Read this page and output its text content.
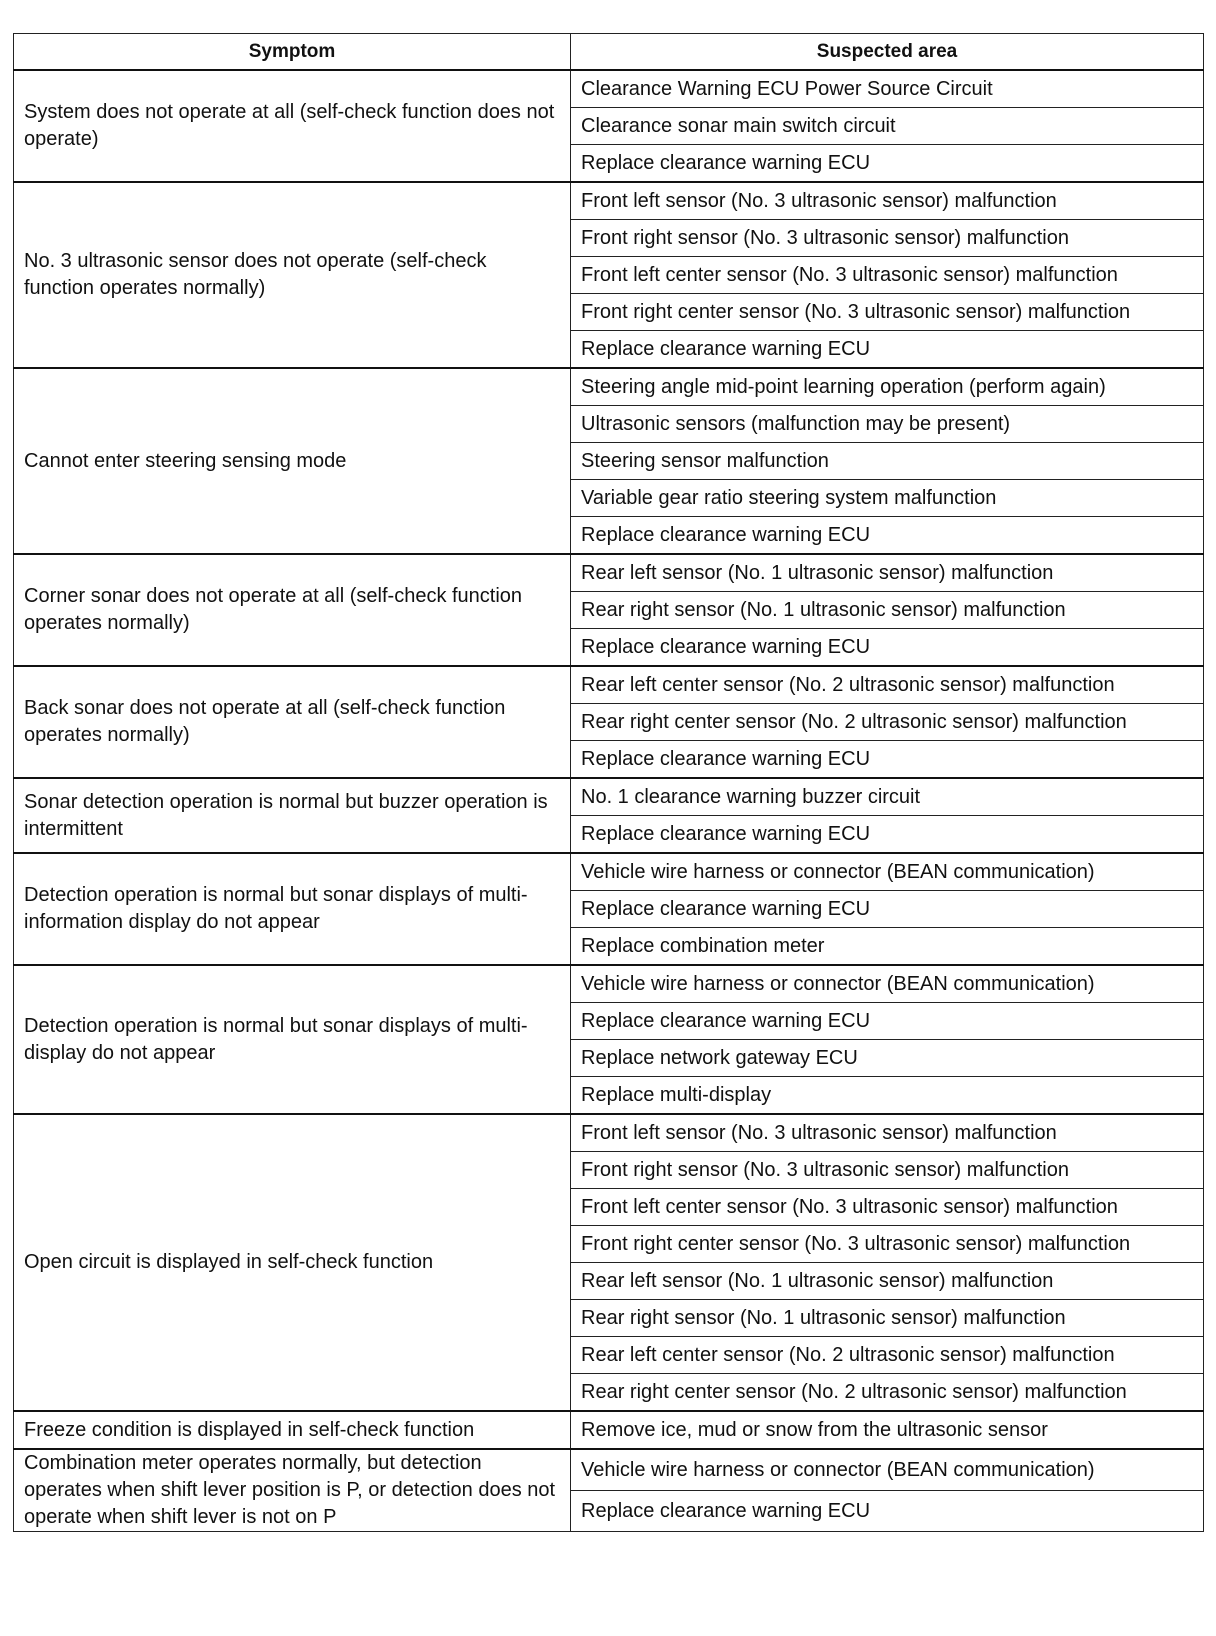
Symptom	Suspected area
System does not operate at all (self-check function does not operate)	Clearance Warning ECU Power Source Circuit
	Clearance sonar main switch circuit
	Replace clearance warning ECU
No. 3 ultrasonic sensor does not operate (self-check function operates normally)	Front left sensor (No. 3 ultrasonic sensor) malfunction
	Front right sensor (No. 3 ultrasonic sensor) malfunction
	Front left center sensor (No. 3 ultrasonic sensor) malfunction
	Front right center sensor (No. 3 ultrasonic sensor) malfunction
	Replace clearance warning ECU
Cannot enter steering sensing mode	Steering angle mid-point learning operation (perform again)
	Ultrasonic sensors (malfunction may be present)
	Steering sensor malfunction
	Variable gear ratio steering system malfunction
	Replace clearance warning ECU
Corner sonar does not operate at all (self-check function operates normally)	Rear left sensor (No. 1 ultrasonic sensor) malfunction
	Rear right sensor (No. 1 ultrasonic sensor) malfunction
	Replace clearance warning ECU
Back sonar does not operate at all (self-check function operates normally)	Rear left center sensor (No. 2 ultrasonic sensor) malfunction
	Rear right center sensor (No. 2 ultrasonic sensor) malfunction
	Replace clearance warning ECU
Sonar detection operation is normal but buzzer operation is intermittent	No. 1 clearance warning buzzer circuit
	Replace clearance warning ECU
Detection operation is normal but sonar displays of multi-information display do not appear	Vehicle wire harness or connector (BEAN communication)
	Replace clearance warning ECU
	Replace combination meter
Detection operation is normal but sonar displays of multi-display do not appear	Vehicle wire harness or connector (BEAN communication)
	Replace clearance warning ECU
	Replace network gateway ECU
	Replace multi-display
Open circuit is displayed in self-check function	Front left sensor (No. 3 ultrasonic sensor) malfunction
	Front right sensor (No. 3 ultrasonic sensor) malfunction
	Front left center sensor (No. 3 ultrasonic sensor) malfunction
	Front right center sensor (No. 3 ultrasonic sensor) malfunction
	Rear left sensor (No. 1 ultrasonic sensor) malfunction
	Rear right sensor (No. 1 ultrasonic sensor) malfunction
	Rear left center sensor (No. 2 ultrasonic sensor) malfunction
	Rear right center sensor (No. 2 ultrasonic sensor) malfunction
Freeze condition is displayed in self-check function	Remove ice, mud or snow from the ultrasonic sensor
Combination meter operates normally, but detection operates when shift lever position is P, or detection does not operate when shift lever is not on P	Vehicle wire harness or connector (BEAN communication)
	Replace clearance warning ECU
